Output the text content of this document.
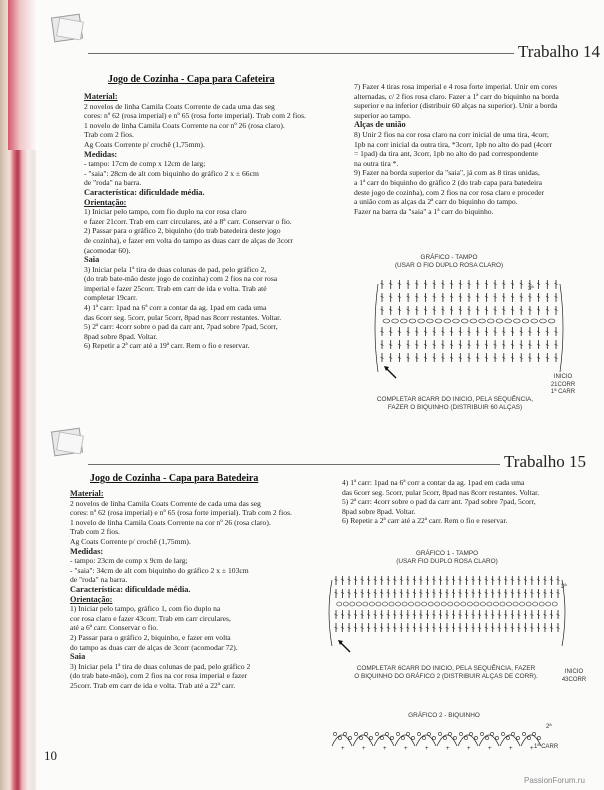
Trabalho 14
Jogo de Cozinha - Capa para Cafeteira

Material:

2 novelos de linha Camila Coats Corrente de cada uma das seg

cores: nº 62 (rosa imperial) e nº 65 (rosa forte imperial). Trab com 2 fios.

1 novelo de linha Camila Coats Corrente na cor nº 26 (rosa claro).

Trab com 2 fios.

Ag Coats Corrente p/ crochê (1,75mm).

Medidas:

- tampo: 17cm de comp x 12cm de larg;

- "saia": 28cm de alt com biquinho do gráfico 2 x ± 66cm

de "roda" na barra.

Característica: dificuldade média.

Orientação:

1) Iniciar pelo tampo, com fio duplo na cor rosa claro

e fazer 21corr. Trab em carr circulares, até a 8ª carr. Conservar o fio.

2) Passar para o gráfico 2, biquinho (do trab batedeira deste jogo

de cozinha), e fazer em volta do tampo as duas carr de alças de 3corr

(acomodar 60).

Saia

3) Iniciar pela 1ª tira de duas colunas de pad, pelo gráfico 2,

(do trab bate-mão deste jogo de cozinha) com 2 fios na cor rosa

imperial e fazer 25corr. Trab em carr de ida e volta. Trab até

completar 19carr.

4) 1ª carr: 1pad na 6ª corr a contar da ag. 1pad em cada uma

das 6corr seg. 5corr, pular 5corr, 8pad nas 8corr restantes. Voltar.

5) 2ª carr: 4corr sobre o pad da carr ant, 7pad sobre 7pad, 5corr,

8pad sobre 8pad. Voltar.

6) Repetir a 2ª carr até a 19ª carr. Rem o fio e reservar.

7) Fazer 4 tiras rosa imperial e 4 rosa forte imperial. Unir em cores

alternadas, c/ 2 fios rosa claro. Fazer a 1ª carr do biquinho na borda

superior e na inferior (distribuir 60 alças na superior). Unir a borda

superior ao tampo.

Alças de união

8) Unir 2 fios na cor rosa claro na corr inicial de uma tira, 4corr,

1pb na corr inicial da outra tira, *3corr, 1pb no alto do pad (4corr

= 1pad) da tira ant, 3corr, 1pb no alto do pad correspondente

na outra tira *.

9) Fazer na borda superior da "saia", já com as 8 tiras unidas,

a 1ª carr do biquinho do gráfico 2 (do trab capa para batedeira

deste jogo de cozinha), com 2 fios na cor rosa claro e proceder

a união com as alças da 2ª carr do biquinho do tampo.

Fazer na barra da "saia" a 1ª carr do biquinho.

GRÁFICO - TAMPO
(USAR O FIO DUPLO ROSA CLARO)
3ª
INICIO
21CORR
1ª CARR
COMPLETAR 8CARR DO INICIO, PELA SEQUÊNCIA,
FAZER O BIQUINHO (DISTRIBUIR 60 ALÇAS)
Trabalho 15
Jogo de Cozinha - Capa para Batedeira

Material:

2 novelos de linha Camila Coats Corrente de cada uma das seg

cores: nº 62 (rosa imperial) e nº 65 (rosa forte imperial). Trab com 2 fios.

1 novelo de linha Camila Coats Corrente na cor nº 26 (rosa claro).

Trab com 2 fios.

Ag Coats Corrente p/ crochê (1,75mm).

Medidas:

- tampo: 23cm de comp x 9cm de larg;

- "saia": 34cm de alt com biquinho do gráfico 2 x ± 103cm

de "roda" na barra.

Característica: dificuldade média.

Orientação:

1) Iniciar pelo tampo, gráfico 1, com fio duplo na

cor rosa claro e fazer 43corr. Trab em carr circulares,

até a 6ª carr. Conservar o fio.

2) Passar para o gráfico 2, biquinho, e fazer em volta

do tampo as duas carr de alças de 3corr (acomodar 72).

Saia

3) Iniciar pela 1ª tira de duas colunas de pad, pelo gráfico 2

(do trab bate-mão), com 2 fios na cor rosa imperial e fazer

25corr. Trab em carr de ida e volta. Trab até a 22ª carr.

4) 1ª carr: 1pad na 6ª corr a contar da ag. 1pad em cada uma

das 6corr seg. 5corr, pular 5corr, 8pad nas 8corr restantes. Voltar.

5) 2ª carr: 4corr sobre o pad da carr ant. 7pad sobre 7pad, 5corr,

8pad sobre 8pad. Voltar.

6) Repetir a 2ª carr até a 22ª carr. Rem o fio e reservar.

GRÁFICO 1 - TAMPO
(USAR FIO DUPLO ROSA CLARO)
3ª
INICIO
43CORR
COMPLETAR 6CARR DO INICIO, PELA SEQUÊNCIA, FAZER
O BIQUINHO DO GRÁFICO 2 (DISTRIBUIR ALÇAS DE CORR).
GRÁFICO 2 - BIQUINHO
+	+	+	+	+	+	+	+	+	+
2ª
1ª CARR
10
PassionForum.ru
